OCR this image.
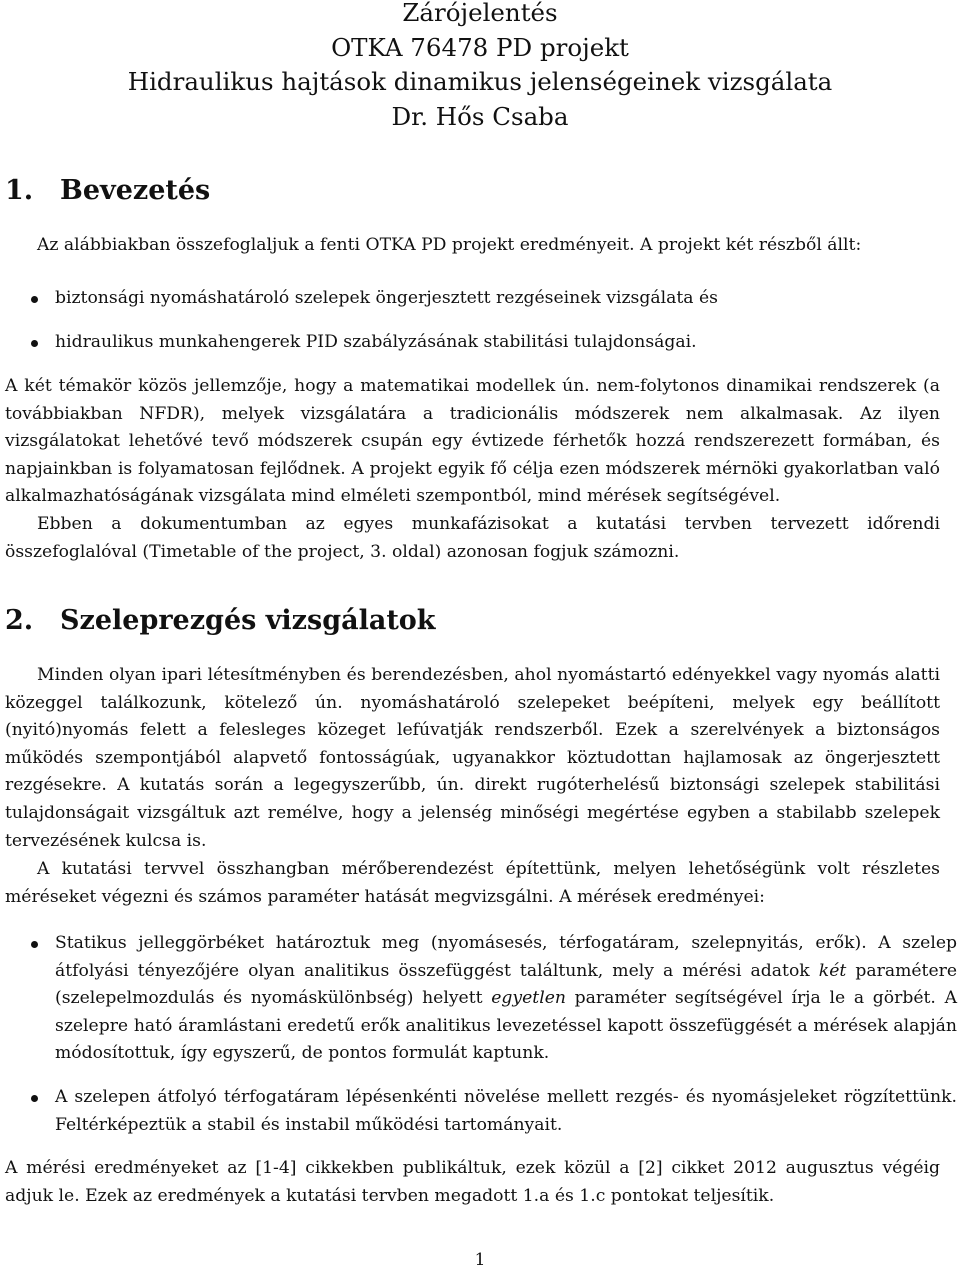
Zárójelentés

OTKA 76478 PD projekt

Hidraulikus hajtások dinamikus jelenségeinek vizsgálata

Dr. Hős Csaba

1. Bevezetés

Az alábbiakban összefoglaljuk a fenti OTKA PD projekt eredményeit. A projekt két részből állt:

biztonsági nyomáshatároló szelepek öngerjesztett rezgéseinek vizsgálata és
hidraulikus munkahengerek PID szabályzásának stabilitási tulajdonságai.

A két témakör közös jellemzője, hogy a matematikai modellek ún. nem-folytonos dinamikai rendszerek (a továbbiakban NFDR), melyek vizsgálatára a tradicionális módszerek nem alkalmasak. Az ilyen vizsgálatokat lehetővé tevő módszerek csupán egy évtizede férhetők hozzá rendszerezett formában, és napjainkban is folyamatosan fejlődnek. A projekt egyik fő célja ezen módszerek mérnöki gyakorlatban való alkalmazhatóságának vizsgálata mind elméleti szempontból, mind mérések segítségével.

Ebben a dokumentumban az egyes munkafázisokat a kutatási tervben tervezett időrendi összefoglalóval (Timetable of the project, 3. oldal) azonosan fogjuk számozni.

2. Szeleprezgés vizsgálatok

Minden olyan ipari létesítményben és berendezésben, ahol nyomástartó edényekkel vagy nyomás alatti közeggel találkozunk, kötelező ún. nyomáshatároló szelepeket beépíteni, melyek egy beállított (nyitó)nyomás felett a felesleges közeget lefúvatják rendszerből. Ezek a szerelvények a biztonságos működés szempontjából alapvető fontosságúak, ugyanakkor köztudottan hajlamosak az öngerjesztett rezgésekre. A kutatás során a legegyszerűbb, ún. direkt rugóterhelésű biztonsági szelepek stabilitási tulajdonságait vizsgáltuk azt remélve, hogy a jelenség minőségi megértése egyben a stabilabb szelepek tervezésének kulcsa is.

A kutatási tervvel összhangban mérőberendezést építettünk, melyen lehetőségünk volt részletes méréseket végezni és számos paraméter hatását megvizsgálni. A mérések eredményei:

Statikus jelleggörbéket határoztuk meg (nyomásesés, térfogatáram, szelepnyitás, erők). A szelep átfolyási tényezőjére olyan analitikus összefüggést találtunk, mely a mérési adatok két paramétere (szelepelmozdulás és nyomáskülönbség) helyett egyetlen paraméter segítségével írja le a görbét. A szelepre ható áramlástani eredetű erők analitikus levezetéssel kapott összefüggését a mérések alapján módosítottuk, így egyszerű, de pontos formulát kaptunk.
A szelepen átfolyó térfogatáram lépésenkénti növelése mellett rezgés- és nyomásjeleket rögzítettünk. Feltérképeztük a stabil és instabil működési tartományait.

A mérési eredményeket az [1-4] cikkekben publikáltuk, ezek közül a [2] cikket 2012 augusztus végéig adjuk le. Ezek az eredmények a kutatási tervben megadott 1.a és 1.c pontokat teljesítik.

1
